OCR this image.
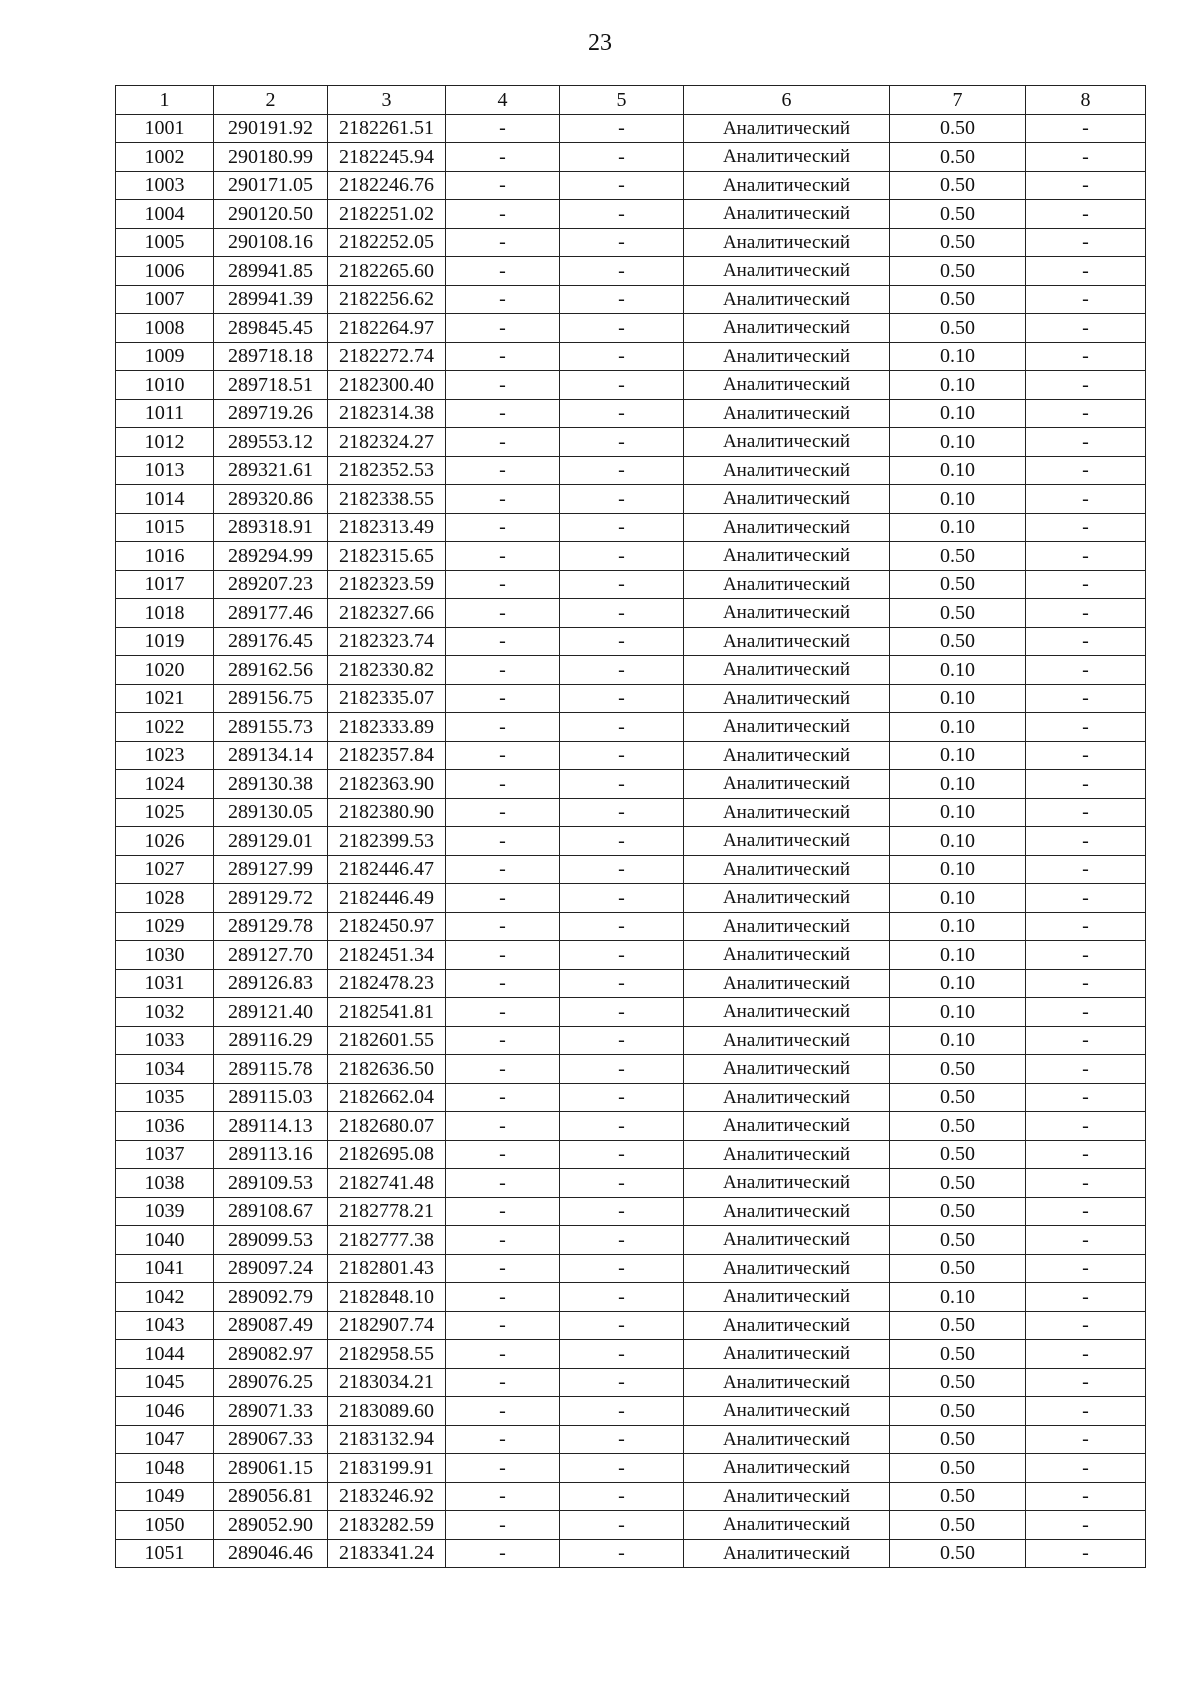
23
1	2	3	4	5	6	7	8
1001	290191.92	2182261.51	-	-	Аналитический	0.50	-
1002	290180.99	2182245.94	-	-	Аналитический	0.50	-
1003	290171.05	2182246.76	-	-	Аналитический	0.50	-
1004	290120.50	2182251.02	-	-	Аналитический	0.50	-
1005	290108.16	2182252.05	-	-	Аналитический	0.50	-
1006	289941.85	2182265.60	-	-	Аналитический	0.50	-
1007	289941.39	2182256.62	-	-	Аналитический	0.50	-
1008	289845.45	2182264.97	-	-	Аналитический	0.50	-
1009	289718.18	2182272.74	-	-	Аналитический	0.10	-
1010	289718.51	2182300.40	-	-	Аналитический	0.10	-
1011	289719.26	2182314.38	-	-	Аналитический	0.10	-
1012	289553.12	2182324.27	-	-	Аналитический	0.10	-
1013	289321.61	2182352.53	-	-	Аналитический	0.10	-
1014	289320.86	2182338.55	-	-	Аналитический	0.10	-
1015	289318.91	2182313.49	-	-	Аналитический	0.10	-
1016	289294.99	2182315.65	-	-	Аналитический	0.50	-
1017	289207.23	2182323.59	-	-	Аналитический	0.50	-
1018	289177.46	2182327.66	-	-	Аналитический	0.50	-
1019	289176.45	2182323.74	-	-	Аналитический	0.50	-
1020	289162.56	2182330.82	-	-	Аналитический	0.10	-
1021	289156.75	2182335.07	-	-	Аналитический	0.10	-
1022	289155.73	2182333.89	-	-	Аналитический	0.10	-
1023	289134.14	2182357.84	-	-	Аналитический	0.10	-
1024	289130.38	2182363.90	-	-	Аналитический	0.10	-
1025	289130.05	2182380.90	-	-	Аналитический	0.10	-
1026	289129.01	2182399.53	-	-	Аналитический	0.10	-
1027	289127.99	2182446.47	-	-	Аналитический	0.10	-
1028	289129.72	2182446.49	-	-	Аналитический	0.10	-
1029	289129.78	2182450.97	-	-	Аналитический	0.10	-
1030	289127.70	2182451.34	-	-	Аналитический	0.10	-
1031	289126.83	2182478.23	-	-	Аналитический	0.10	-
1032	289121.40	2182541.81	-	-	Аналитический	0.10	-
1033	289116.29	2182601.55	-	-	Аналитический	0.10	-
1034	289115.78	2182636.50	-	-	Аналитический	0.50	-
1035	289115.03	2182662.04	-	-	Аналитический	0.50	-
1036	289114.13	2182680.07	-	-	Аналитический	0.50	-
1037	289113.16	2182695.08	-	-	Аналитический	0.50	-
1038	289109.53	2182741.48	-	-	Аналитический	0.50	-
1039	289108.67	2182778.21	-	-	Аналитический	0.50	-
1040	289099.53	2182777.38	-	-	Аналитический	0.50	-
1041	289097.24	2182801.43	-	-	Аналитический	0.50	-
1042	289092.79	2182848.10	-	-	Аналитический	0.10	-
1043	289087.49	2182907.74	-	-	Аналитический	0.50	-
1044	289082.97	2182958.55	-	-	Аналитический	0.50	-
1045	289076.25	2183034.21	-	-	Аналитический	0.50	-
1046	289071.33	2183089.60	-	-	Аналитический	0.50	-
1047	289067.33	2183132.94	-	-	Аналитический	0.50	-
1048	289061.15	2183199.91	-	-	Аналитический	0.50	-
1049	289056.81	2183246.92	-	-	Аналитический	0.50	-
1050	289052.90	2183282.59	-	-	Аналитический	0.50	-
1051	289046.46	2183341.24	-	-	Аналитический	0.50	-
